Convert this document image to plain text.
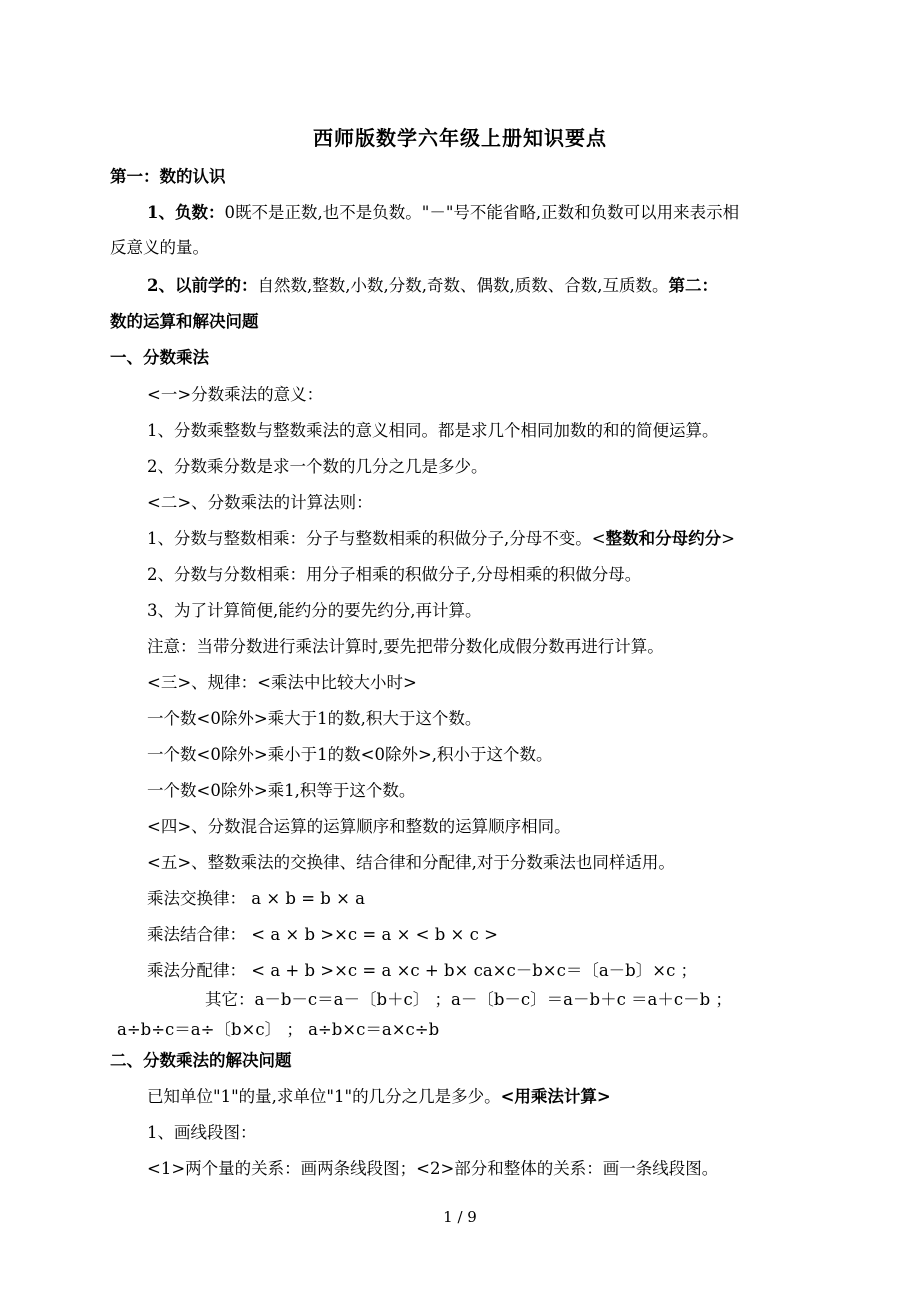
西师版数学六年级上册知识要点
第一：数的认识
1、负数：0既不是正数,也不是负数。"－"号不能省略,正数和负数可以用来表示相
反意义的量。
2、以前学的：自然数,整数,小数,分数,奇数、偶数,质数、合数,互质数。第二：
数的运算和解决问题
一、分数乘法
<一>分数乘法的意义：
1、分数乘整数与整数乘法的意义相同。都是求几个相同加数的和的简便运算。
2、分数乘分数是求一个数的几分之几是多少。
<二>、分数乘法的计算法则：
1、分数与整数相乘：分子与整数相乘的积做分子,分母不变。<整数和分母约分>
2、分数与分数相乘：用分子相乘的积做分子,分母相乘的积做分母。
3、为了计算简便,能约分的要先约分,再计算。
注意：当带分数进行乘法计算时,要先把带分数化成假分数再进行计算。
<三>、规律：<乘法中比较大小时>
一个数<0除外>乘大于1的数,积大于这个数。
一个数<0除外>乘小于1的数<0除外>,积小于这个数。
一个数<0除外>乘1,积等于这个数。
<四>、分数混合运算的运算顺序和整数的运算顺序相同。
<五>、整数乘法的交换律、结合律和分配律,对于分数乘法也同样适用。
乘法交换律： a × b = b × a
乘法结合律： < a × b >×c = a × < b × c >
乘法分配律： < a + b >×c = a ×c + b× ca×c－b×c＝〔a－b〕×c ；
其它：a－b－c＝a－〔b＋c〕 ；a－〔b－c〕＝a－b＋c ＝a＋c－b ；
a÷b÷c＝a÷〔b×c〕 ； a÷b×c＝a×c÷b
二、分数乘法的解决问题
已知单位"1"的量,求单位"1"的几分之几是多少。<用乘法计算>
1、画线段图：
<1>两个量的关系：画两条线段图；<2>部分和整体的关系：画一条线段图。
1 / 9
